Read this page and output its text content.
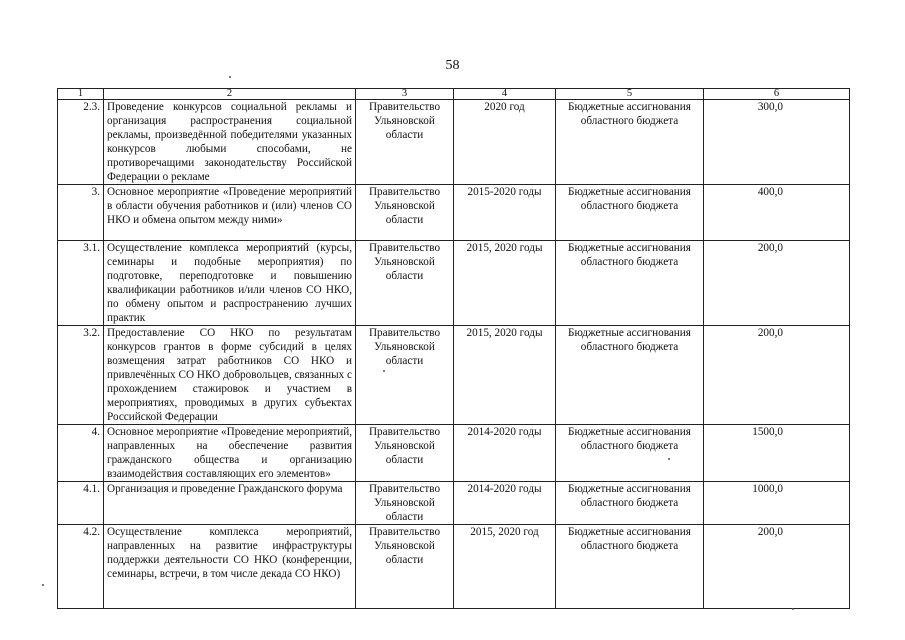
58
1	2	3	4	5	6
2.3.	Проведение конкурсов социальной рекламы и организация распространения социальной рекламы, произведённой победителями указанных конкурсов любыми способами, не противоречащими законодательству Российской Федерации о рекламе	Правительство Ульяновской области	2020 год	Бюджетные ассигнования областного бюджета	300,0
3.	Основное мероприятие «Проведение мероприятий в области обучения работников и (или) членов СО НКО и обмена опытом между ними»	Правительство Ульяновской области	2015-2020 годы	Бюджетные ассигнования областного бюджета	400,0
3.1.	Осуществление комплекса мероприятий (курсы, семинары и подобные мероприятия) по подготовке, переподготовке и повышению квалификации работников и/или членов СО НКО, по обмену опытом и распространению лучших практик	Правительство Ульяновской области	2015, 2020 годы	Бюджетные ассигнования областного бюджета	200,0
3.2.	Предоставление СО НКО по результатам конкурсов грантов в форме субсидий в целях возмещения затрат работников СО НКО и привлечённых СО НКО добровольцев, связанных с прохождением стажировок и участием в мероприятиях, проводимых в других субъектах Российской Федерации	Правительство Ульяновской области	2015, 2020 годы	Бюджетные ассигнования областного бюджета	200,0
4.	Основное мероприятие «Проведение мероприятий, направленных на обеспечение развития гражданского общества и организацию взаимодействия составляющих его элементов»	Правительство Ульяновской области	2014-2020 годы	Бюджетные ассигнования областного бюджета	1500,0
4.1.	Организация и проведение Гражданского форума	Правительство Ульяновской области	2014-2020 годы	Бюджетные ассигнования областного бюджета	1000,0
4.2.	Осуществление комплекса мероприятий, направленных на развитие инфраструктуры поддержки деятельности СО НКО (конференции, семинары, встречи, в том числе декада СО НКО)	Правительство Ульяновской области	2015, 2020 год	Бюджетные ассигнования областного бюджета	200,0
